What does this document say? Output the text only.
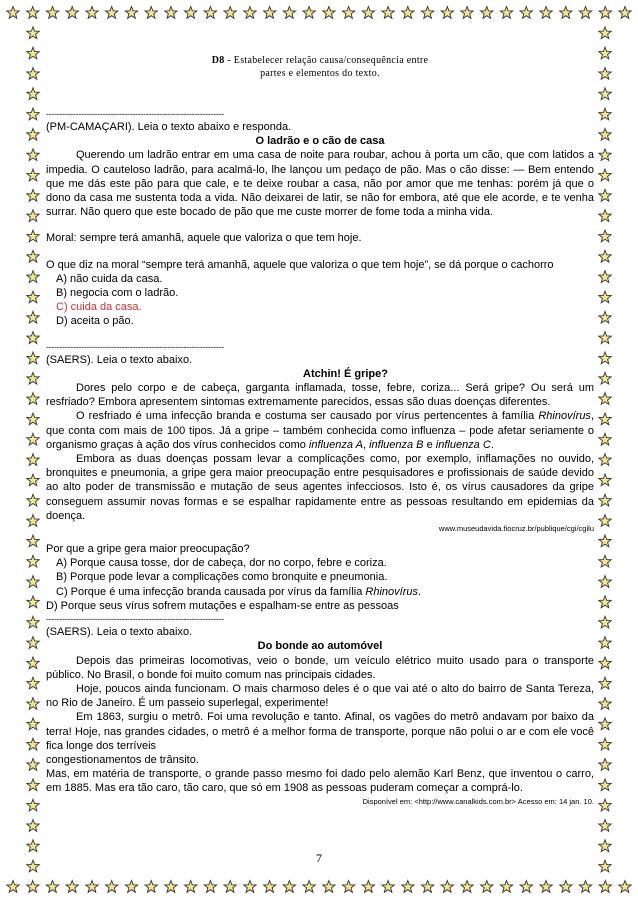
D8 - Estabelecer relação causa/consequência entre
partes e elementos do texto.
------------------------------------------------------------------

(PM-CAMAÇARI). Leia o texto abaixo e responda.

O ladrão e o cão de casa

Querendo um ladrão entrar em uma casa de noite para roubar, achou à porta um cão, que com latidos a impedia. O cauteloso ladrão, para acalmá-lo, lhe lançou um pedaço de pão. Mas o cão disse: — Bem entendo que me dás este pão para que cale, e te deixe roubar a casa, não por amor que me tenhas: porém já que o dono da casa me sustenta toda a vida. Não deixarei de latir, se não for embora, até que ele acorde, e te venha surrar. Não quero que este bocado de pão que me custe morrer de fome toda a minha vida.

Moral: sempre terá amanhã, aquele que valoriza o que tem hoje.

O que diz na moral “sempre terá amanhã, aquele que valoriza o que tem hoje”, se dá porque o cachorro

A) não cuida da casa.
B) negocia com o ladrão.
C) cuida da casa.
D) aceita o pão.
------------------------------------------------------------------

(SAERS). Leia o texto abaixo.

Atchin! É gripe?

Dores pelo corpo e de cabeça, garganta inflamada, tosse, febre, coriza... Será gripe? Ou será um resfriado? Embora apresentem sintomas extremamente parecidos, essas são duas doenças diferentes.

O resfriado é uma infecção branda e costuma ser causado por vírus pertencentes à família Rhinovírus, que conta com mais de 100 tipos. Já a gripe – também conhecida como influenza – pode afetar seriamente o organismo graças à ação dos vírus conhecidos como influenza A, influenza B e influenza C.

Embora as duas doenças possam levar a complicações como, por exemplo, inflamações no ouvido, bronquites e pneumonia, a gripe gera maior preocupação entre pesquisadores e profissionais de saúde devido ao alto poder de transmissão e mutação de seus agentes infecciosos. Isto é, os vírus causadores da gripe conseguem assumir novas formas e se espalhar rapidamente entre as pessoas resultando em epidemias da doença.

www.museudavida.fiocruz.br/publique/cgi/cgilu

Por que a gripe gera maior preocupação?

A) Porque causa tosse, dor de cabeça, dor no corpo, febre e coriza.
B) Porque pode levar a complicações como bronquite e pneumonia.
C) Porque é uma infecção branda causada por vírus da família Rhinovírus.
D) Porque seus vírus sofrem mutações e espalham-se entre as pessoas
------------------------------------------------------------------

(SAERS). Leia o texto abaixo.

Do bonde ao automóvel

Depois das primeiras locomotivas, veio o bonde, um veículo elétrico muito usado para o transporte público. No Brasil, o bonde foi muito comum nas principais cidades.

Hoje, poucos ainda funcionam. O mais charmoso deles é o que vai até o alto do bairro de Santa Tereza, no Rio de Janeiro. É um passeio superlegal, experimente!

Em 1863, surgiu o metrô. Foi uma revolução e tanto. Afinal, os vagões do metrô andavam por baixo da terra! Hoje, nas grandes cidades, o metrô é a melhor forma de transporte, porque não polui o ar e com ele você fica longe dos terríveis

congestionamentos de trânsito.

Mas, em matéria de transporte, o grande passo mesmo foi dado pelo alemão Karl Benz, que inventou o carro, em 1885. Mas era tão caro, tão caro, que só em 1908 as pessoas puderam começar a comprá-lo.

Disponível em: <http://www.canalkids.com.br> Acesso em: 14 jan. 10.
7
